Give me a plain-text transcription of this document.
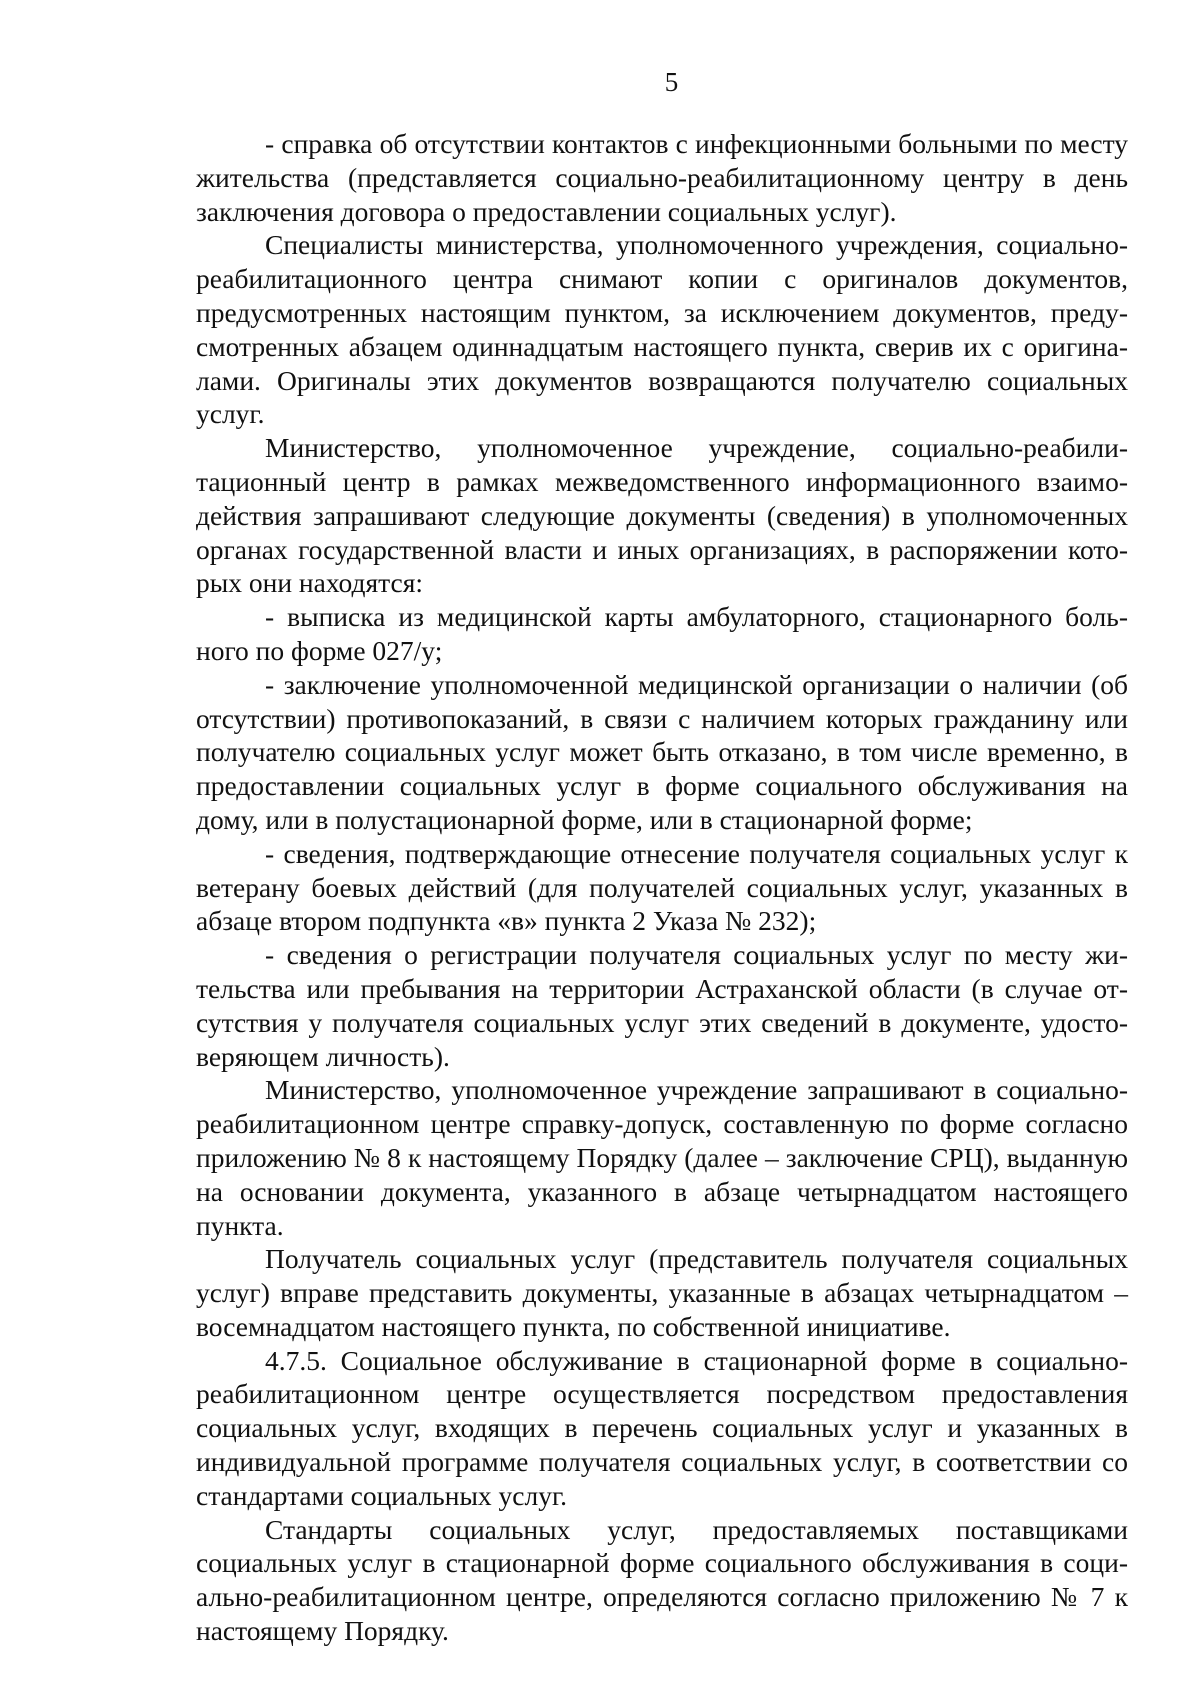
5

- справка об отсутствии контактов с инфекционными больными по месту жительства (представляется социально-реабилитационному центру в день заключения договора о предоставлении социальных услуг).

Специалисты министерства, уполномоченного учреждения, социально-реабилитационного центра снимают копии с оригиналов документов, предусмотренных настоящим пунктом, за исключением документов, предусмотренных абзацем одиннадцатым настоящего пункта, сверив их с оригиналами. Оригиналы этих документов возвращаются получателю социальных услуг.

Министерство, уполномоченное учреждение, социально-реабилитационный центр в рамках межведомственного информационного взаимодействия запрашивают следующие документы (сведения) в уполномоченных органах государственной власти и иных организациях, в распоряжении которых они находятся:

- выписка из медицинской карты амбулаторного, стационарного больного по форме 027/у;

- заключение уполномоченной медицинской организации о наличии (об отсутствии) противопоказаний, в связи с наличием которых гражданину или получателю социальных услуг может быть отказано, в том числе временно, в предоставлении социальных услуг в форме социального обслуживания на дому, или в полустационарной форме, или в стационарной форме;

- сведения, подтверждающие отнесение получателя социальных услуг к ветерану боевых действий (для получателей социальных услуг, указанных в абзаце втором подпункта «в» пункта 2 Указа № 232);

- сведения о регистрации получателя социальных услуг по месту жительства или пребывания на территории Астраханской области (в случае отсутствия у получателя социальных услуг этих сведений в документе, удостоверяющем личность).

Министерство, уполномоченное учреждение запрашивают в социально-реабилитационном центре справку-допуск, составленную по форме согласно приложению № 8 к настоящему Порядку (далее – заключение СРЦ), выданную на основании документа, указанного в абзаце четырнадцатом настоящего пункта.

Получатель социальных услуг (представитель получателя социальных услуг) вправе представить документы, указанные в абзацах четырнадцатом – восемнадцатом настоящего пункта, по собственной инициативе.

4.7.5. Социальное обслуживание в стационарной форме в социально-реабилитационном центре осуществляется посредством предоставления социальных услуг, входящих в перечень социальных услуг и указанных в индивидуальной программе получателя социальных услуг, в соответствии со стандартами социальных услуг.

Стандарты социальных услуг, предоставляемых поставщиками социальных услуг в стационарной форме социального обслуживания в социально-реабилитационном центре, определяются согласно приложению № 7 к настоящему Порядку.
